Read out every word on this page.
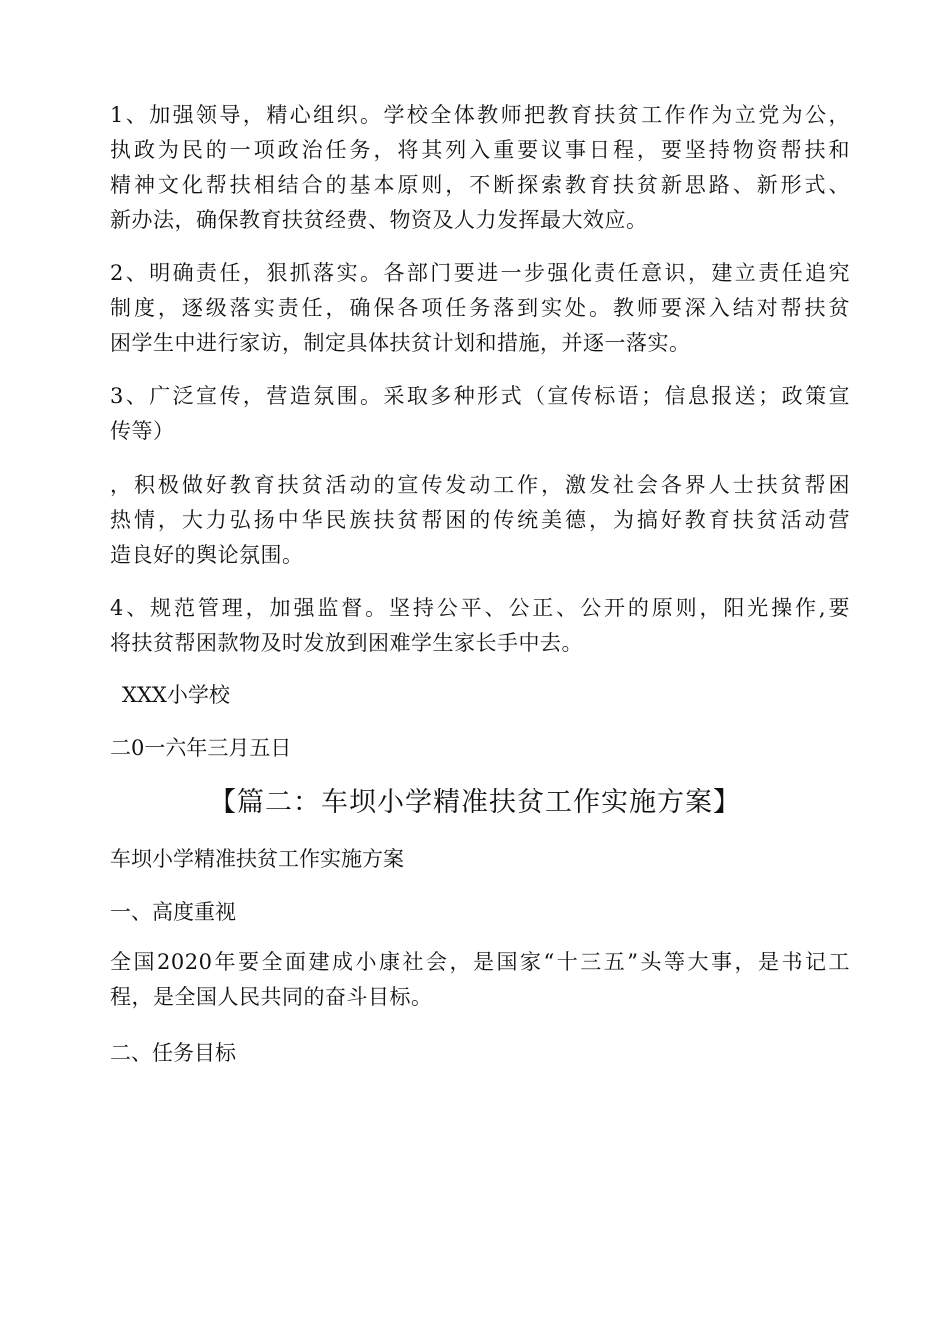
1、加强领导，精心组织。学校全体教师把教育扶贫工作作为立党为公，
执政为民的一项政治任务，将其列入重要议事日程，要坚持物资帮扶和
精神文化帮扶相结合的基本原则，不断探索教育扶贫新思路、新形式、
新办法，确保教育扶贫经费、物资及人力发挥最大效应。
2、明确责任，狠抓落实。各部门要进一步强化责任意识，建立责任追究
制度，逐级落实责任，确保各项任务落到实处。教师要深入结对帮扶贫
困学生中进行家访，制定具体扶贫计划和措施，并逐一落实。
3、广泛宣传，营造氛围。采取多种形式（宣传标语；信息报送；政策宣
传等）
，积极做好教育扶贫活动的宣传发动工作，激发社会各界人士扶贫帮困
热情，大力弘扬中华民族扶贫帮困的传统美德，为搞好教育扶贫活动营
造良好的舆论氛围。
4、规范管理，加强监督。坚持公平、公正、公开的原则，阳光操作,要
将扶贫帮困款物及时发放到困难学生家长手中去。
XXX小学校
二0一六年三月五日
【篇二：车坝小学精准扶贫工作实施方案】
车坝小学精准扶贫工作实施方案
一、高度重视
全国2020年要全面建成小康社会，是国家“十三五”头等大事，是书记工
程，是全国人民共同的奋斗目标。
二、任务目标
